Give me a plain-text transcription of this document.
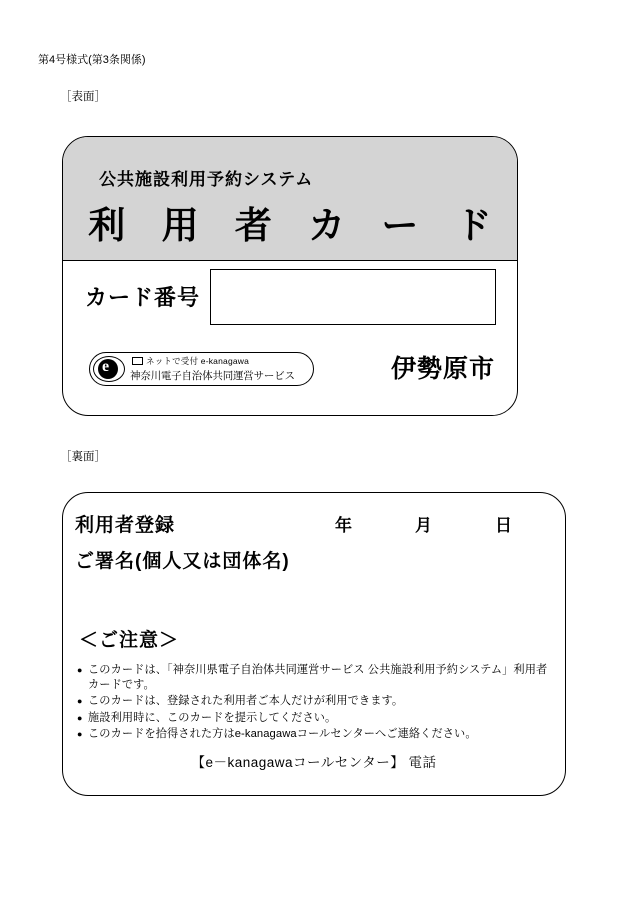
第4号様式(第3条関係)
［表面］
公共施設利用予約システム
利 用 者 カ ー ド
カード番号
e	ネットで受付 e-kanagawa
神奈川電子自治体共同運営サービス	伊勢原市
［裏面］
利用者登録	年	月	日
ご署名(個人又は団体名)
＜ご注意＞
● このカードは、「神奈川県電子自治体共同運営サービス 公共施設利用予約システム」利用者カードです。
● このカードは、登録された利用者ご本人だけが利用できます。
● 施設利用時に、このカードを提示してください。
● このカードを拾得された方はe-kanagawaコールセンターへご連絡ください。
【e－kanagawaコールセンター】 電話
